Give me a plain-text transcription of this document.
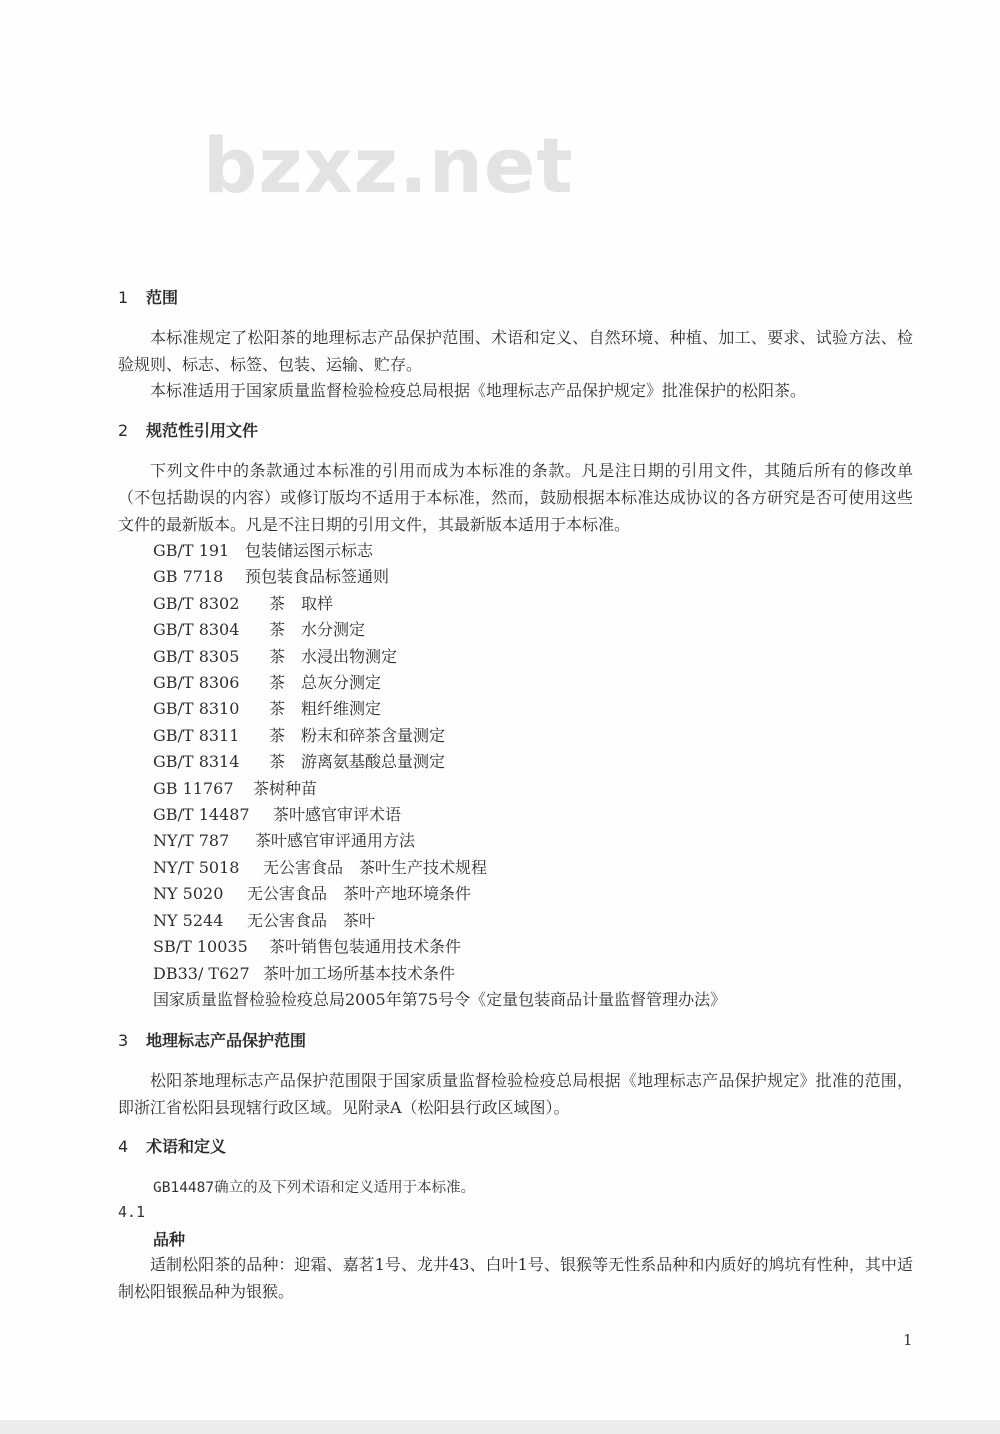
bzxz.net
1 范围
本标准规定了松阳茶的地理标志产品保护范围、术语和定义、自然环境、种植、加工、要求、试验方法、检验规则、标志、标签、包装、运输、贮存。
本标准适用于国家质量监督检验检疫总局根据《地理标志产品保护规定》批准保护的松阳茶。
2 规范性引用文件
下列文件中的条款通过本标准的引用而成为本标准的条款。凡是注日期的引用文件，其随后所有的修改单（不包括勘误的内容）或修订版均不适用于本标准，然而，鼓励根据本标准达成协议的各方研究是否可使用这些文件的最新版本。凡是不注日期的引用文件，其最新版本适用于本标准。
GB/T 191 包装储运图示标志
GB 7718 预包装食品标签通则
GB/T 8302 茶　取样
GB/T 8304 茶　水分测定
GB/T 8305 茶　水浸出物测定
GB/T 8306 茶　总灰分测定
GB/T 8310 茶　粗纤维测定
GB/T 8311 茶　粉末和碎茶含量测定
GB/T 8314 茶　游离氨基酸总量测定
GB 11767 茶树种苗
GB/T 14487 茶叶感官审评术语
NY/T 787 茶叶感官审评通用方法
NY/T 5018 无公害食品　茶叶生产技术规程
NY 5020 无公害食品　茶叶产地环境条件
NY 5244 无公害食品　茶叶
SB/T 10035 茶叶销售包装通用技术条件
DB33/ T627 茶叶加工场所基本技术条件
国家质量监督检验检疫总局2005年第75号令《定量包装商品计量监督管理办法》
3 地理标志产品保护范围
松阳茶地理标志产品保护范围限于国家质量监督检验检疫总局根据《地理标志产品保护规定》批准的范围，即浙江省松阳县现辖行政区域。见附录A（松阳县行政区域图）。
4 术语和定义
GB14487确立的及下列术语和定义适用于本标准。
4.1
品种
适制松阳茶的品种：迎霜、嘉茗1号、龙井43、白叶1号、银猴等无性系品种和内质好的鸠坑有性种，其中适制松阳银猴品种为银猴。
1
